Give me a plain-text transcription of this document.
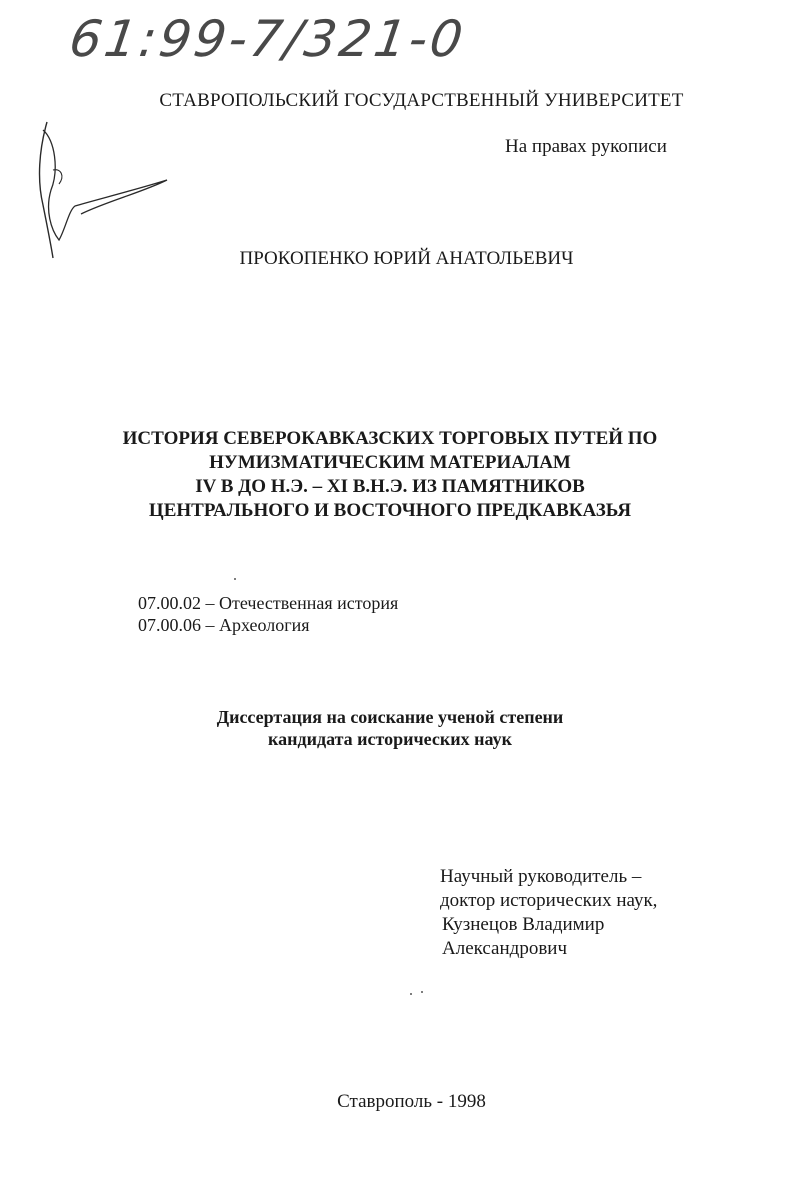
61:99-7/321-0
СТАВРОПОЛЬСКИЙ ГОСУДАРСТВЕННЫЙ УНИВЕРСИТЕТ
На правах рукописи
ПРОКОПЕНКО ЮРИЙ АНАТОЛЬЕВИЧ
ИСТОРИЯ СЕВЕРОКАВКАЗСКИХ ТОРГОВЫХ ПУТЕЙ ПО
НУМИЗМАТИЧЕСКИМ МАТЕРИАЛАМ
IV В ДО Н.Э. – XI В.Н.Э. ИЗ ПАМЯТНИКОВ
ЦЕНТРАЛЬНОГО И ВОСТОЧНОГО ПРЕДКАВКАЗЬЯ
07.00.02 – Отечественная история
07.00.06 – Археология
Диссертация на соискание ученой степени
кандидата исторических наук
Научный руководитель –
доктор исторических наук,
Кузнецов Владимир
Александрович
Ставрополь - 1998
